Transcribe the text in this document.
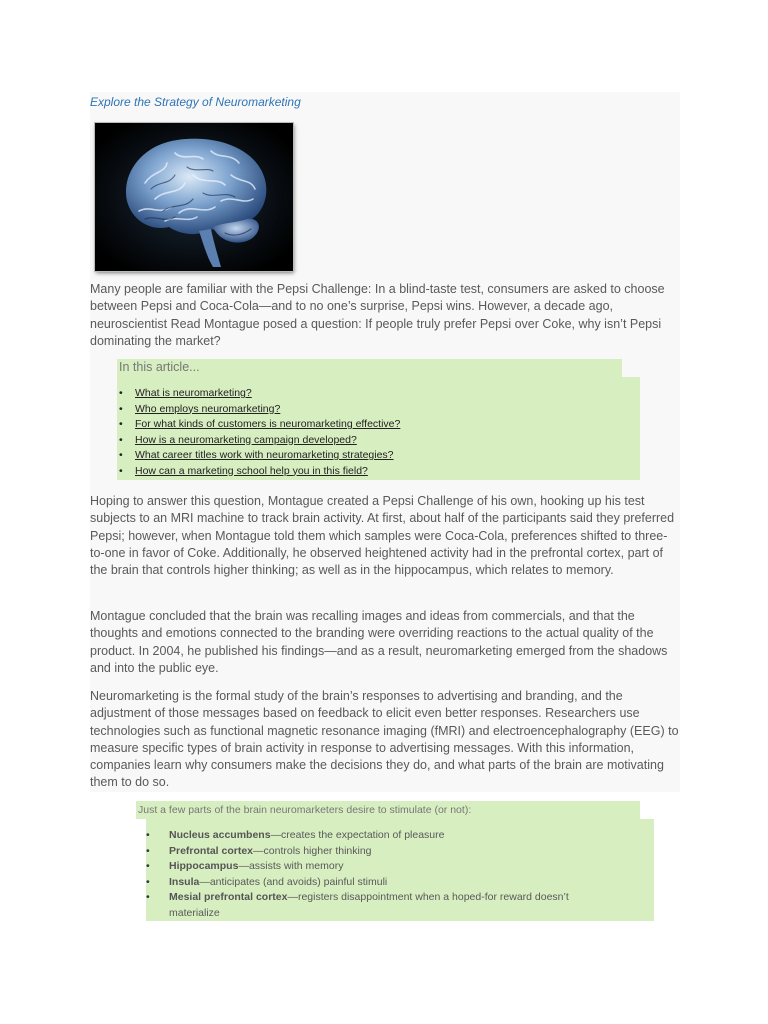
Explore the Strategy of Neuromarketing

Many people are familiar with the Pepsi Challenge: In a blind-taste test, consumers are asked to choose between Pepsi and Coca-Cola—and to no one’s surprise, Pepsi wins. However, a decade ago, neuroscientist Read Montague posed a question: If people truly prefer Pepsi over Coke, why isn’t Pepsi dominating the market?

In this article...
• What is neuromarketing?
• Who employs neuromarketing?
• For what kinds of customers is neuromarketing effective?
• How is a neuromarketing campaign developed?
• What career titles work with neuromarketing strategies?
• How can a marketing school help you in this field?

Hoping to answer this question, Montague created a Pepsi Challenge of his own, hooking up his test subjects to an MRI machine to track brain activity. At first, about half of the participants said they preferred Pepsi; however, when Montague told them which samples were Coca-Cola, preferences shifted to three-to-one in favor of Coke. Additionally, he observed heightened activity had in the prefrontal cortex, part of the brain that controls higher thinking; as well as in the hippocampus, which relates to memory.

Montague concluded that the brain was recalling images and ideas from commercials, and that the thoughts and emotions connected to the branding were overriding reactions to the actual quality of the product. In 2004, he published his findings—and as a result, neuromarketing emerged from the shadows and into the public eye.

Neuromarketing is the formal study of the brain’s responses to advertising and branding, and the adjustment of those messages based on feedback to elicit even better responses. Researchers use technologies such as functional magnetic resonance imaging (fMRI) and electroencephalography (EEG) to measure specific types of brain activity in response to advertising messages. With this information, companies learn why consumers make the decisions they do, and what parts of the brain are motivating them to do so.

Just a few parts of the brain neuromarketers desire to stimulate (or not):
• Nucleus accumbens—creates the expectation of pleasure
• Prefrontal cortex—controls higher thinking
• Hippocampus—assists with memory
• Insula—anticipates (and avoids) painful stimuli
• Mesial prefrontal cortex—registers disappointment when a hoped-for reward doesn’t materialize
